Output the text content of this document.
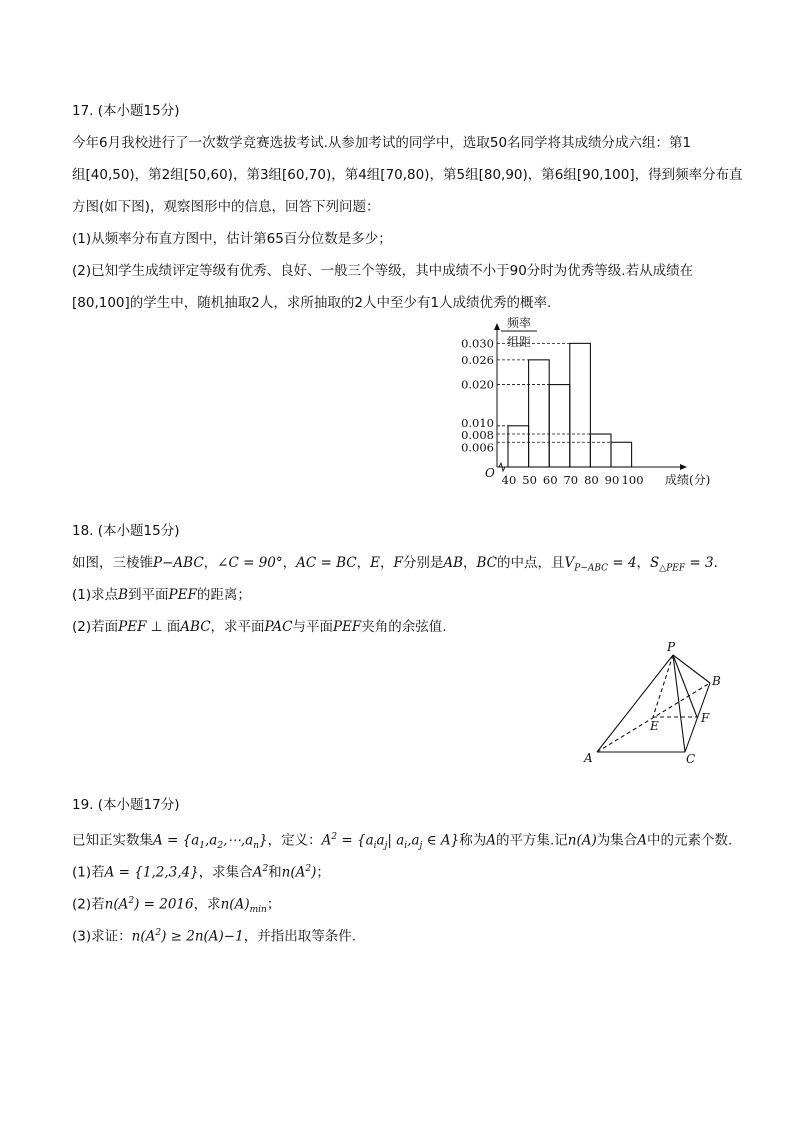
17. (本小题15分)
今年6月我校进行了一次数学竞赛选拔考试.从参加考试的同学中，选取50名同学将其成绩分成六组：第1
组[40,50)，第2组[50,60)，第3组[60,70)，第4组[70,80)，第5组[80,90)，第6组[90,100]，得到频率分布直
方图(如下图)，观察图形中的信息，回答下列问题：
(1)从频率分布直方图中，估计第65百分位数是多少；
(2)已知学生成绩评定等级有优秀、良好、一般三个等级，其中成绩不小于90分时为优秀等级.若从成绩在
[80,100]的学生中，随机抽取2人，求所抽取的2人中至少有1人成绩优秀的概率.
0.006
0.008
0.010
0.020
0.026
0.030
40 50 60 70 80 90 100
O
频率
组距
成绩(分)
18. (本小题15分)
如图，三棱锥P−ABC，∠C = 90°，AC = BC，E，F分别是AB，BC的中点，且$V_{P-ABC} = 4$，$S_{\triangle PEF} = 3$.
(1)求点B到平面PEF的距离；
(2)若面PEF ⊥ 面ABC，求平面PAC与平面PEF夹角的余弦值.
P
B
E
F
A	C
19. (本小题17分)
已知正实数集$A = \{a_1,a_2,\cdots,a_n\}$，定义：$A^2 = \{a_ia_j|$ $a_i,a_j$ ∈ A}称为A的平方集.记n(A)为集合A中的元素个数.
(1)若A = {1,2,3,4}，求集合$A^2$和$n(A^2)$；
(2)若$n(A^2) = 2016$，求$n(A)_{min}$；
(3)求证：$n(A^2) \ge 2n(A)-1$，并指出取等条件.
